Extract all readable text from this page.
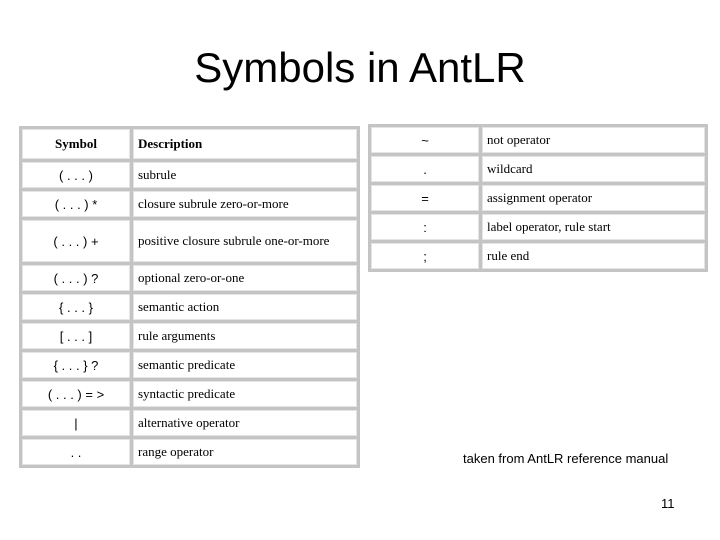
Symbols in AntLR
Symbol	Description
( . . . )	subrule
( . . . ) *	closure subrule zero-or-more
( . . . ) +	positive closure subrule one-or-more
( . . . ) ?	optional zero-or-one
{ . . . }	semantic action
[ . . . ]	rule arguments
{ . . . } ?	semantic predicate
( . . . ) = >	syntactic predicate
|	alternative operator
. .	range operator
~	not operator
.	wildcard
=	assignment operator
:	label operator, rule start
;	rule end
taken from AntLR reference manual
11
